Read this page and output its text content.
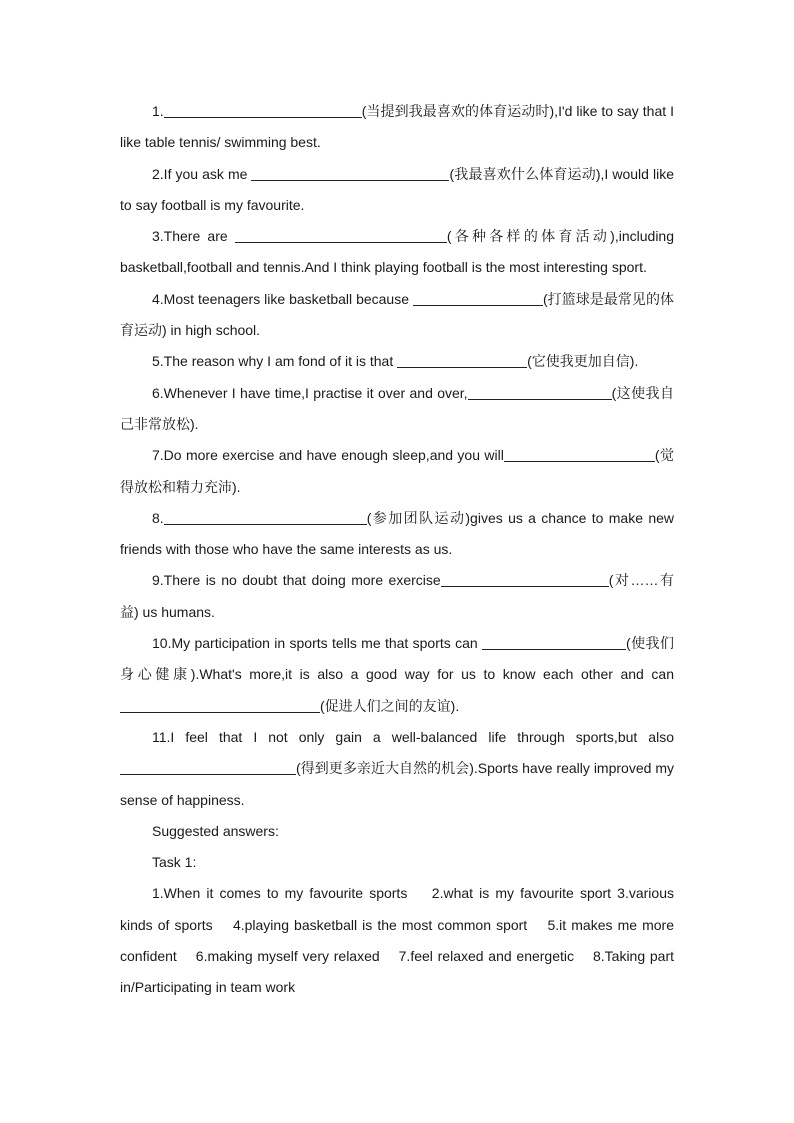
1.	(当提到我最喜欢的体育运动时),I'd like to say that I like table tennis/ swimming best.

2.If you ask me	(我最喜欢什么体育运动),I would like to say football is my favourite.

3.There are	(各种各样的体育活动),including basketball,football and tennis.And I think playing football is the most interesting sport.

4.Most teenagers like basketball because	(打篮球是最常见的体育运动) in high school.

5.The reason why I am fond of it is that	(它使我更加自信).

6.Whenever I have time,I practise it over and over,	(这使我自己非常放松).

7.Do more exercise and have enough sleep,and you will	(觉得放松和精力充沛).

8.	(参加团队运动)gives us a chance to make new friends with those who have the same interests as us.

9.There is no doubt that doing more exercise	(对……有益) us humans.

10.My participation in sports tells me that sports can	(使我们身心健康).What's more,it is also a good way for us to know each other and can (促进人们之间的友谊).

11.I feel that I not only gain a well-balanced life through sports,but also(得到更多亲近大自然的机会).Sports have really improved my sense of happiness.

Suggested answers:

Task 1:

1.When it comes to my favourite sports    2.what is my favourite sport 3.various kinds of sports    4.playing basketball is the most common sport    5.it makes me more confident    6.making myself very relaxed    7.feel relaxed and energetic    8.Taking part in/Participating in team work
